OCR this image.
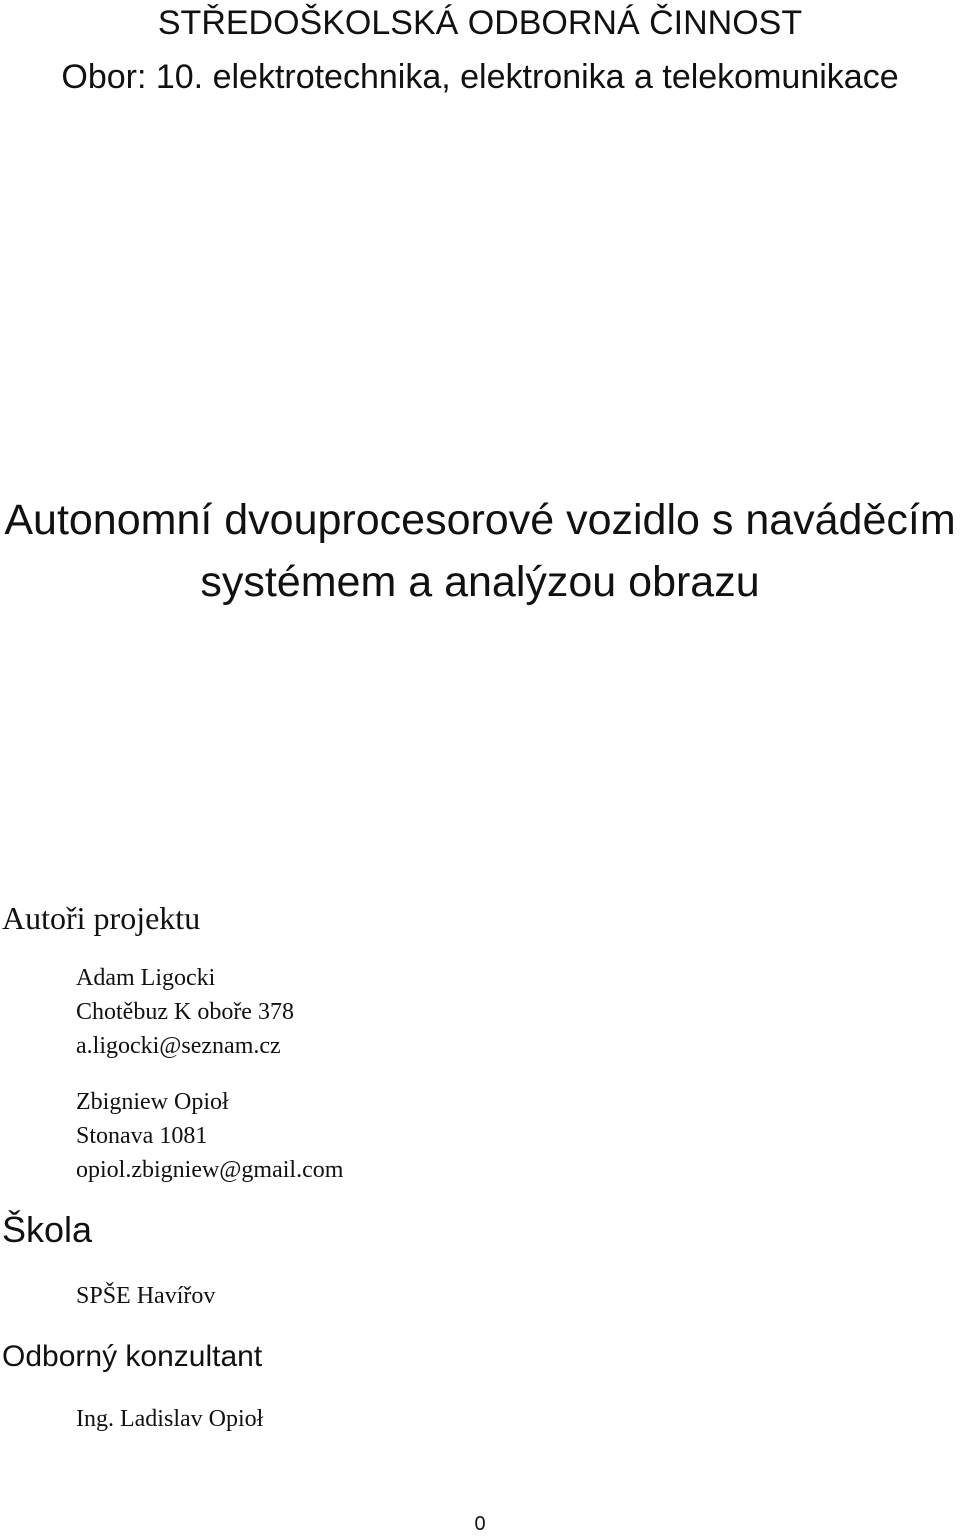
STŘEDOŠKOLSKÁ ODBORNÁ ČINNOST
Obor: 10. elektrotechnika, elektronika a telekomunikace
Autonomní dvouprocesorové vozidlo s naváděcím
systémem a analýzou obrazu
Autoři projektu
Adam Ligocki
Chotěbuz K oboře 378
a.ligocki@seznam.cz
Zbigniew Opioł
Stonava 1081
opiol.zbigniew@gmail.com
Škola
SPŠE Havířov
Odborný konzultant
Ing. Ladislav Opioł
0
